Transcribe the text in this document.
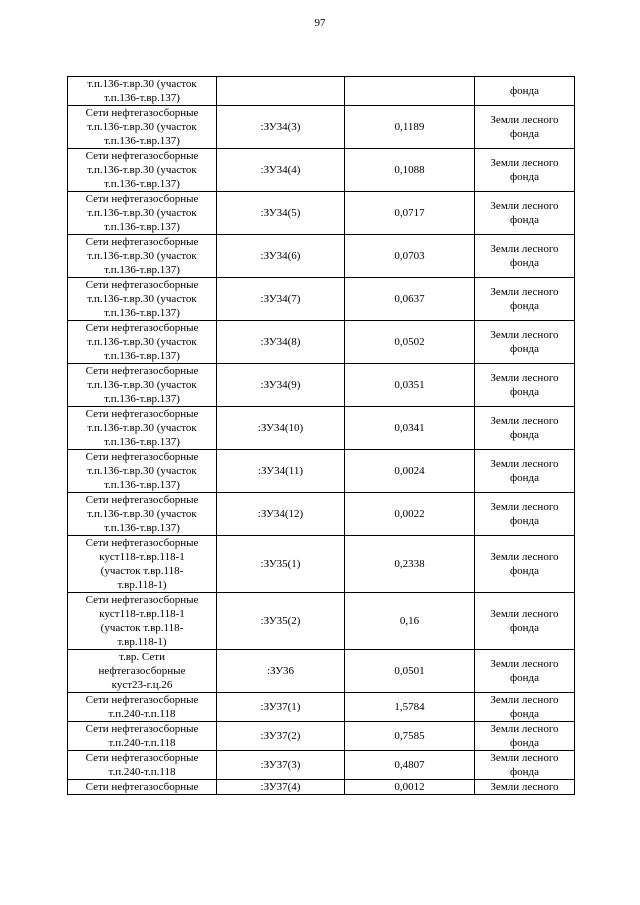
97
т.п.136-т.вр.30 (участок
т.п.136-т.вр.137)			фонда

Сети нефтегазосборные
т.п.136-т.вр.30 (участок
т.п.136-т.вр.137)	:ЗУ34(3)	0,1189	Земли лесного
фонда

Сети нефтегазосборные
т.п.136-т.вр.30 (участок
т.п.136-т.вр.137)	:ЗУ34(4)	0,1088	Земли лесного
фонда

Сети нефтегазосборные
т.п.136-т.вр.30 (участок
т.п.136-т.вр.137)	:ЗУ34(5)	0,0717	Земли лесного
фонда

Сети нефтегазосборные
т.п.136-т.вр.30 (участок
т.п.136-т.вр.137)	:ЗУ34(6)	0,0703	Земли лесного
фонда

Сети нефтегазосборные
т.п.136-т.вр.30 (участок
т.п.136-т.вр.137)	:ЗУ34(7)	0,0637	Земли лесного
фонда

Сети нефтегазосборные
т.п.136-т.вр.30 (участок
т.п.136-т.вр.137)	:ЗУ34(8)	0,0502	Земли лесного
фонда

Сети нефтегазосборные
т.п.136-т.вр.30 (участок
т.п.136-т.вр.137)	:ЗУ34(9)	0,0351	Земли лесного
фонда

Сети нефтегазосборные
т.п.136-т.вр.30 (участок
т.п.136-т.вр.137)	:ЗУ34(10)	0,0341	Земли лесного
фонда

Сети нефтегазосборные
т.п.136-т.вр.30 (участок
т.п.136-т.вр.137)	:ЗУ34(11)	0,0024	Земли лесного
фонда

Сети нефтегазосборные
т.п.136-т.вр.30 (участок
т.п.136-т.вр.137)	:ЗУ34(12)	0,0022	Земли лесного
фонда

Сети нефтегазосборные
куст118-т.вр.118-1
(участок т.вр.118-
т.вр.118-1)	:ЗУ35(1)	0,2338	Земли лесного
фонда

Сети нефтегазосборные
куст118-т.вр.118-1
(участок т.вр.118-
т.вр.118-1)	:ЗУ35(2)	0,16	Земли лесного
фонда

т.вр. Сети
нефтегазосборные
куст23-г.ц.26	:ЗУ36	0,0501	Земли лесного
фонда

Сети нефтегазосборные
т.п.240-т.п.118	:ЗУ37(1)	1,5784	Земли лесного
фонда

Сети нефтегазосборные
т.п.240-т.п.118	:ЗУ37(2)	0,7585	Земли лесного
фонда

Сети нефтегазосборные
т.п.240-т.п.118	:ЗУ37(3)	0,4807	Земли лесного
фонда

Сети нефтегазосборные	:ЗУ37(4)	0,0012	Земли лесного
